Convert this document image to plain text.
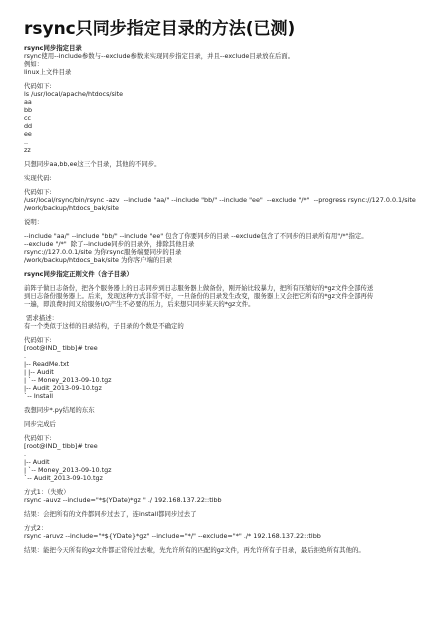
rsync只同步指定目录的方法(已测)
rsync同步指定目录
rsync使用--include参数与--exclude参数来实现同步指定目录，并且--exclude目录放在后面。
例如：
linux上文件目录
代码如下:
ls /usr/local/apache/htdocs/site
aa
bb
cc
dd
ee
..
zz
只想同步aa,bb,ee这三个目录，其他的不同步。
实现代码:
代码如下:
/usr/local/rsync/bin/rsync -azv  --include "aa/" --include "bb/" --include "ee"  --exclude "/*"  --progress rsync://127.0.0.1/site
/work/backup/htdocs_bak/site
说明：
--include "aa/" --include "bb/" --include "ee" 包含了你要同步的目录 --exclude包含了不同步的目录所有用"/*"指定。
--exclude "/*"  除了--include同步的目录外，排除其他目录
rsync://127.0.0.1/site 为你rsync服务端要同步的目录
/work/backup/htdocs_bak/site 为你客户端的目录
rsync同步指定正则文件（含子目录）
前阵子做日志备份，把各个服务器上的日志同步到日志服务器上做备份，刚开始比较暴力，把所有压缩好的*gz文件全部传送
到日志备份服务器上。后来，发现这种方式非常不好，一旦备份的目录发生改变，服务器上又会把它所有的*gz文件全部再传
一遍，即浪费时间又给服务I/O产生不必要的压力，后来想只同步某天的*gz文件。
需求描述：
有一个类似于这样的目录结构，子目录的个数是不确定的
代码如下:
[root@IND_ tlbb]# tree
.
|-- ReadMe.txt
| |-- Audit
| `-- Money_2013-09-10.tgz
|-- Audit_2013-09-10.tgz
`-- Install
我想同步*.py结尾的东东
同步完成后
代码如下:
[root@IND_ tlbb]# tree
.
|-- Audit
| `-- Money_2013-09-10.tgz
`-- Audit_2013-09-10.tgz
方式1：（失败）
rsync -auvz --include="*$(YDate)*gz " ./ 192.168.137.22::tlbb
结果：会把所有的文件都同步过去了，连install都同步过去了
方式2：
rsync -aruvz --include="*${YDate}*gz" --include="*/" --exclude="*" ./* 192.168.137.22::tlbb
结果：能把今天所有的gz文件都正常传过去啦，先允许所有的匹配的gz文件，再允许所有子目录，最后拒绝所有其他的。
